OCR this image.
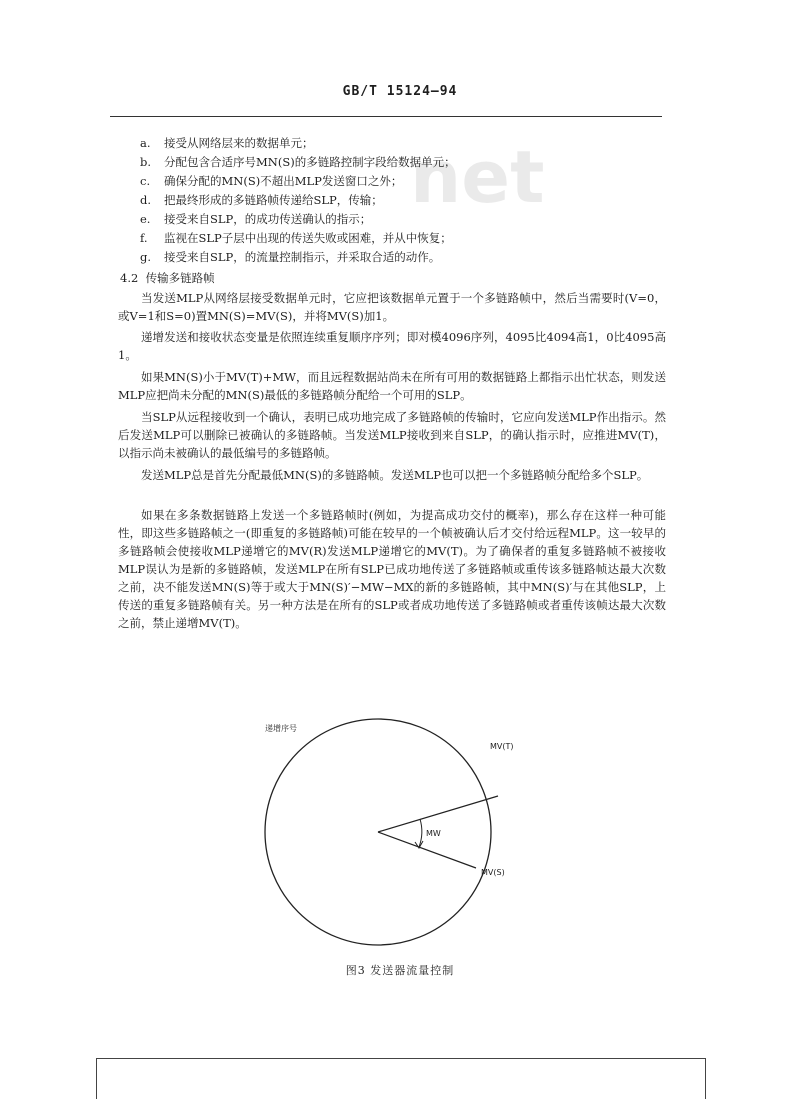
GB/T 15124—94
net
a. 接受从网络层来的数据单元；
b. 分配包含合适序号MN(S)的多链路控制字段给数据单元；
c. 确保分配的MN(S)不超出MLP发送窗口之外；
d. 把最终形成的多链路帧传递给SLP，传输；
e. 接受来自SLP，的成功传送确认的指示；
f. 监视在SLP子层中出现的传送失败或困难，并从中恢复；
g. 接受来自SLP，的流量控制指示，并采取合适的动作。
4.2 传输多链路帧
当发送MLP从网络层接受数据单元时，它应把该数据单元置于一个多链路帧中，然后当需要时(V=0，或V=1和S=0)置MN(S)=MV(S)，并将MV(S)加1。
递增发送和接收状态变量是依照连续重复顺序序列；即对模4096序列，4095比4094高1，0比4095高1。
如果MN(S)小于MV(T)+MW，而且远程数据站尚未在所有可用的数据链路上都指示出忙状态，则发送MLP应把尚未分配的MN(S)最低的多链路帧分配给一个可用的SLP。
当SLP从远程接收到一个确认，表明已成功地完成了多链路帧的传输时，它应向发送MLP作出指示。然后发送MLP可以删除已被确认的多链路帧。当发送MLP接收到来自SLP，的确认指示时，应推进MV(T)，以指示尚未被确认的最低编号的多链路帧。
发送MLP总是首先分配最低MN(S)的多链路帧。发送MLP也可以把一个多链路帧分配给多个SLP。
如果在多条数据链路上发送一个多链路帧时(例如，为提高成功交付的概率)，那么存在这样一种可能性，即这些多链路帧之一(即重复的多链路帧)可能在较早的一个帧被确认后才交付给远程MLP。这一较早的多链路帧会使接收MLP递增它的MV(R)发送MLP递增它的MV(T)。为了确保者的重复多链路帧不被接收MLP误认为是新的多链路帧，发送MLP在所有SLP已成功地传送了多链路帧或重传该多链路帧达最大次数之前，决不能发送MN(S)等于或大于MN(S)′−MW−MX的新的多链路帧，其中MN(S)′与在其他SLP，上传送的重复多链路帧有关。另一种方法是在所有的SLP或者成功地传送了多链路帧或者重传该帧达最大次数之前，禁止递增MV(T)。
递增序号
MV(T)
MW
MV(S)
图3 发送器流量控制
